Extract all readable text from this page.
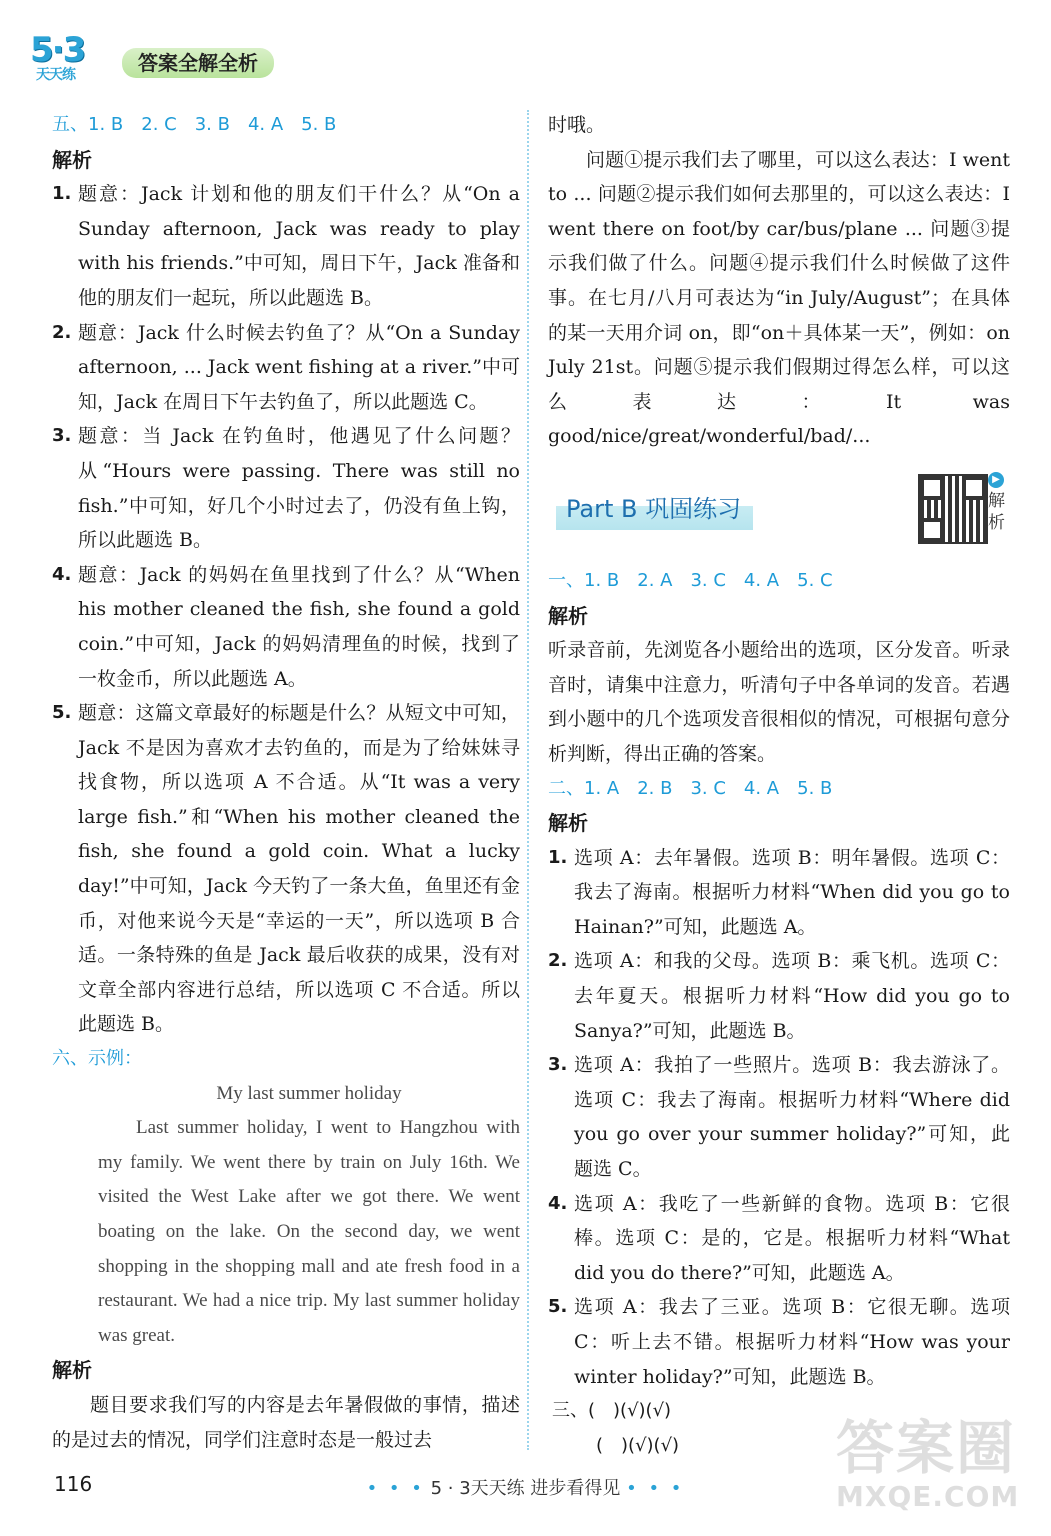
5·3
天天练	答案全解全析
五、1. B　2. C　3. B　4. A　5. B
解析
1. 题意：Jack 计划和他的朋友们干什么？从“On a Sunday afternoon, Jack was ready to play with his friends.”中可知，周日下午，Jack 准备和他的朋友们一起玩，所以此题选 B。
2. 题意：Jack 什么时候去钓鱼了？从“On a Sunday afternoon, ... Jack went fishing at a river.”中可知，Jack 在周日下午去钓鱼了，所以此题选 C。
3. 题意：当 Jack 在钓鱼时，他遇见了什么问题？从“Hours were passing. There was still no fish.”中可知，好几个小时过去了，仍没有鱼上钩，所以此题选 B。
4. 题意：Jack 的妈妈在鱼里找到了什么？从“When his mother cleaned the fish, she found a gold coin.”中可知，Jack 的妈妈清理鱼的时候，找到了一枚金币，所以此题选 A。
5. 题意：这篇文章最好的标题是什么？从短文中可知，Jack 不是因为喜欢才去钓鱼的，而是为了给妹妹寻找食物，所以选项 A 不合适。从“It was a very large fish.”和“When his mother cleaned the fish, she found a gold coin. What a lucky day!”中可知，Jack 今天钓了一条大鱼，鱼里还有金币，对他来说今天是“幸运的一天”，所以选项 B 合适。一条特殊的鱼是 Jack 最后收获的成果，没有对文章全部内容进行总结，所以选项 C 不合适。所以此题选 B。
六、示例：
My last summer holiday
Last summer holiday, I went to Hangzhou with my family. We went there by train on July 16th. We visited the West Lake after we got there. We went boating on the lake. On the second day, we went shopping in the shopping mall and ate fresh food in a restaurant. We had a nice trip. My last summer holiday was great.
解析
题目要求我们写的内容是去年暑假做的事情，描述的是过去的情况，同学们注意时态是一般过去
时哦。
问题①提示我们去了哪里，可以这么表达：I went to ... 问题②提示我们如何去那里的，可以这么表达：I went there on foot/by car/bus/plane ... 问题③提示我们做了什么。问题④提示我们什么时候做了这件事。在七月/八月可表达为“in July/August”；在具体的某一天用介词 on，即“on＋具体某一天”，例如：on July 21st。问题⑤提示我们假期过得怎么样，可以这么表达：It was good/nice/great/wonderful/bad/...
Part B 巩固练习
▶
解析
一、1. B　2. A　3. C　4. A　5. C
解析
听录音前，先浏览各小题给出的选项，区分发音。听录音时，请集中注意力，听清句子中各单词的发音。若遇到小题中的几个选项发音很相似的情况，可根据句意分析判断，得出正确的答案。
二、1. A　2. B　3. C　4. A　5. B
解析
1. 选项 A：去年暑假。选项 B：明年暑假。选项 C：我去了海南。根据听力材料“When did you go to Hainan?”可知，此题选 A。
2. 选项 A：和我的父母。选项 B：乘飞机。选项 C：去年夏天。根据听力材料“How did you go to Sanya?”可知，此题选 B。
3. 选项 A：我拍了一些照片。选项 B：我去游泳了。选项 C：我去了海南。根据听力材料“Where did you go over your summer holiday?”可知，此题选 C。
4. 选项 A：我吃了一些新鲜的食物。选项 B：它很棒。选项 C：是的，它是。根据听力材料“What did you do there?”可知，此题选 A。
5. 选项 A：我去了三亚。选项 B：它很无聊。选项 C：听上去不错。根据听力材料“How was your winter holiday?”可知，此题选 B。
三、(　)(√)(√)
(　)(√)(√)
116	• • • 5 · 3天天练 进步看得见 • • •
答案圈
MXQE.COM
